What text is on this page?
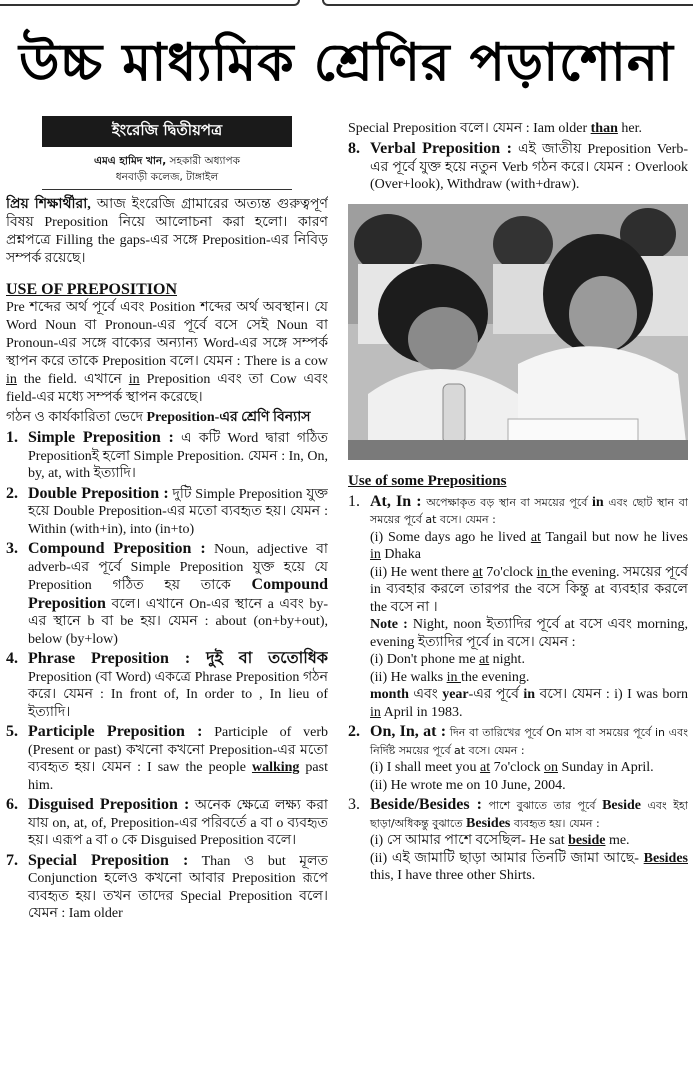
উচ্চ মাধ্যমিক শ্রেণির পড়াশোনা
ইংরেজি দ্বিতীয়পত্র
এমএ হামিদ খান, সহকারী অধ্যাপক
ধনবাড়ী কলেজ, টাঙ্গাইল

প্রিয় শিক্ষার্থীরা, আজ ইংরেজি গ্রামারের অত্যন্ত গুরুত্বপূর্ণ বিষয় Preposition নিয়ে আলোচনা করা হলো। কারণ প্রশ্নপত্রে Filling the gaps-এর সঙ্গে Preposition-এর নিবিড় সম্পর্ক রয়েছে।

USE OF PREPOSITION

Pre শব্দের অর্থ পূর্বে এবং Position শব্দের অর্থ অবস্থান। যে Word Noun বা Pronoun-এর পূর্বে বসে সেই Noun বা Pronoun-এর সঙ্গে বাক্যের অন্যান্য Word-এর সঙ্গে সম্পর্ক স্থাপন করে তাকে Preposition বলে। যেমন : There is a cow in the field. এখানে in Preposition এবং তা Cow এবং field-এর মধ্যে সম্পর্ক স্থাপন করেছে।

গঠন ও কার্যকারিতা ভেদে Preposition-এর শ্রেণি বিন্যাস

1. Simple Preposition : এ কটি Word দ্বারা গঠিত Prepositionই হলো Simple Preposition. যেমন : In, On, by, at, with ইত্যাদি।
2. Double Preposition : দুটি Simple Preposition যুক্ত হয়ে Double Preposition-এর মতো ব্যবহৃত হয়। যেমন : Within (with+in), into (in+to)
3. Compound Preposition : Noun, adjective বা adverb-এর পূর্বে Simple Preposition যুক্ত হয়ে যে Preposition গঠিত হয় তাকে Compound Preposition বলে। এখানে On-এর স্থানে a এবং by-এর স্থানে b বা be হয়। যেমন : about (on+by+out), below (by+low)
4. Phrase Preposition : দুই বা ততোধিক Preposition (বা Word) একত্রে Phrase Preposition গঠন করে। যেমন : In front of, In order to , In lieu of ইত্যাদি।
5. Participle Preposition : Participle of verb (Present or past) কখনো কখনো Preposition-এর মতো ব্যবহৃত হয়। যেমন : I saw the people walking past him.
6. Disguised Preposition : অনেক ক্ষেত্রে লক্ষ্য করা যায় on, at, of, Preposition-এর পরিবর্তে a বা o ব্যবহৃত হয়। এরূপ a বা o কে Disguised Preposition বলে।
7. Special Preposition : Than ও but মূলত Conjunction হলেও কখনো আবার Preposition রূপে ব্যবহৃত হয়। তখন তাদের Special Preposition বলে। যেমন : Iam older

Special Preposition বলে। যেমন : Iam older than her.

8. Verbal Preposition : এই জাতীয় Preposition Verb-এর পূর্বে যুক্ত হয়ে নতুন Verb গঠন করে। যেমন : Overlook (Over+look), Withdraw (with+draw).
Use of some Prepositions
1. At, In : অপেক্ষাকৃত বড় স্থান বা সময়ের পূর্বে in এবং ছোট স্থান বা সময়ের পূর্বে at বসে। যেমন :
(i) Some days ago he lived at Tangail but now he lives in Dhaka
(ii) He went there at 7o'clock in the evening. সময়ের পূর্বে in ব্যবহার করলে তারপর the বসে কিন্তু at ব্যবহার করলে the বসে না ।
Note : Night, noon ইত্যাদির পূর্বে at বসে এবং morning, evening ইত্যাদির পূর্বে in বসে। যেমন :
(i) Don't phone me at night.
(ii) He walks in the evening.
month এবং year-এর পূর্বে in বসে। যেমন : i) I was born in April in 1983.
2. On, In, at : দিন বা তারিখের পূর্বে On মাস বা সময়ের পূর্বে in এবং নির্দিষ্ট সময়ের পূর্বে at বসে। যেমন :
(i) I shall meet you at 7o'clock on Sunday in April.
(ii) He wrote me on 10 June, 2004.
3. Beside/Besides : পাশে বুঝাতে তার পূর্বে Beside এবং ইহা ছাড়া/অধিকন্তু বুঝাতে Besides ব্যবহৃত হয়। যেমন :
(i) সে আমার পাশে বসেছিল- He sat beside me.
(ii) এই জামাটি ছাড়া আমার তিনটি জামা আছে- Besides this, I have three other Shirts.
